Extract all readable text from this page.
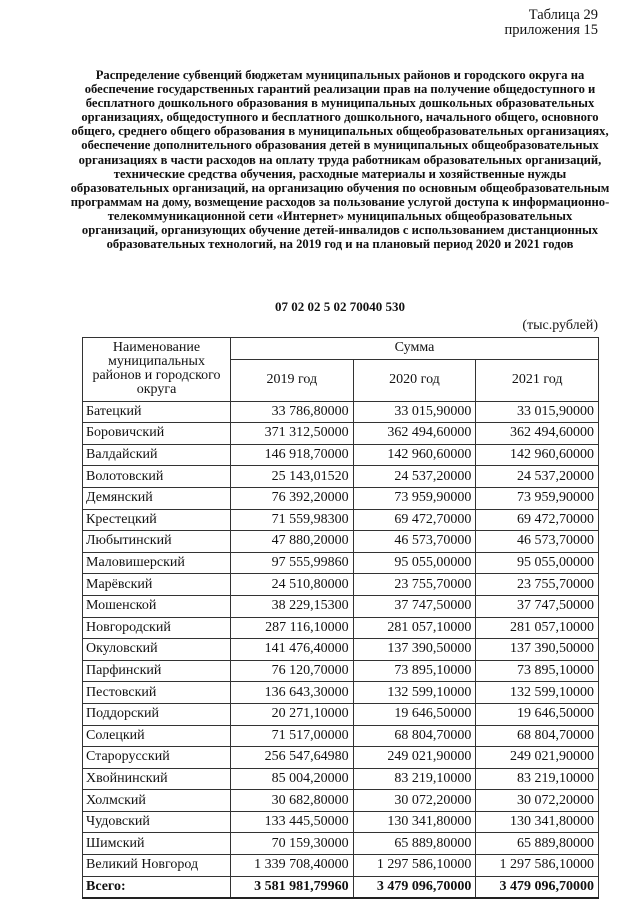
Таблица 29
приложения 15
Распределение субвенций бюджетам муниципальных районов и городского округа на обеспечение государственных гарантий реализации прав на получение общедоступного и бесплатного дошкольного образования в муниципальных дошкольных образовательных организациях, общедоступного и бесплатного дошкольного, начального общего, основного общего, среднего общего образования в муниципальных общеобразовательных организациях, обеспечение дополнительного образования детей в муниципальных общеобразовательных организациях в части расходов на оплату труда работникам образовательных организаций, технические средства обучения, расходные материалы и хозяйственные нужды образовательных организаций, на организацию обучения по основным общеобразовательным программам на дому, возмещение расходов за пользование услугой доступа к информационно-телекоммуникационной сети «Интернет» муниципальных общеобразовательных организаций, организующих обучение детей-инвалидов с использованием дистанционных образовательных технологий, на 2019 год и на плановый период 2020 и 2021 годов
07 02 02 5 02 70040 530
(тыс.рублей)
Наименование муниципальных районов и городского округа	Сумма		
	2019 год	2020 год	2021 год
Батецкий	33 786,80000	33 015,90000	33 015,90000
Боровичский	371 312,50000	362 494,60000	362 494,60000
Валдайский	146 918,70000	142 960,60000	142 960,60000
Волотовский	25 143,01520	24 537,20000	24 537,20000
Демянский	76 392,20000	73 959,90000	73 959,90000
Крестецкий	71 559,98300	69 472,70000	69 472,70000
Любытинский	47 880,20000	46 573,70000	46 573,70000
Маловишерский	97 555,99860	95 055,00000	95 055,00000
Марёвский	24 510,80000	23 755,70000	23 755,70000
Мошенской	38 229,15300	37 747,50000	37 747,50000
Новгородский	287 116,10000	281 057,10000	281 057,10000
Окуловский	141 476,40000	137 390,50000	137 390,50000
Парфинский	76 120,70000	73 895,10000	73 895,10000
Пестовский	136 643,30000	132 599,10000	132 599,10000
Поддорский	20 271,10000	19 646,50000	19 646,50000
Солецкий	71 517,00000	68 804,70000	68 804,70000
Старорусский	256 547,64980	249 021,90000	249 021,90000
Хвойнинский	85 004,20000	83 219,10000	83 219,10000
Холмский	30 682,80000	30 072,20000	30 072,20000
Чудовский	133 445,50000	130 341,80000	130 341,80000
Шимский	70 159,30000	65 889,80000	65 889,80000
Великий Новгород	1 339 708,40000	1 297 586,10000	1 297 586,10000
Всего:	3 581 981,79960	3 479 096,70000	3 479 096,70000
